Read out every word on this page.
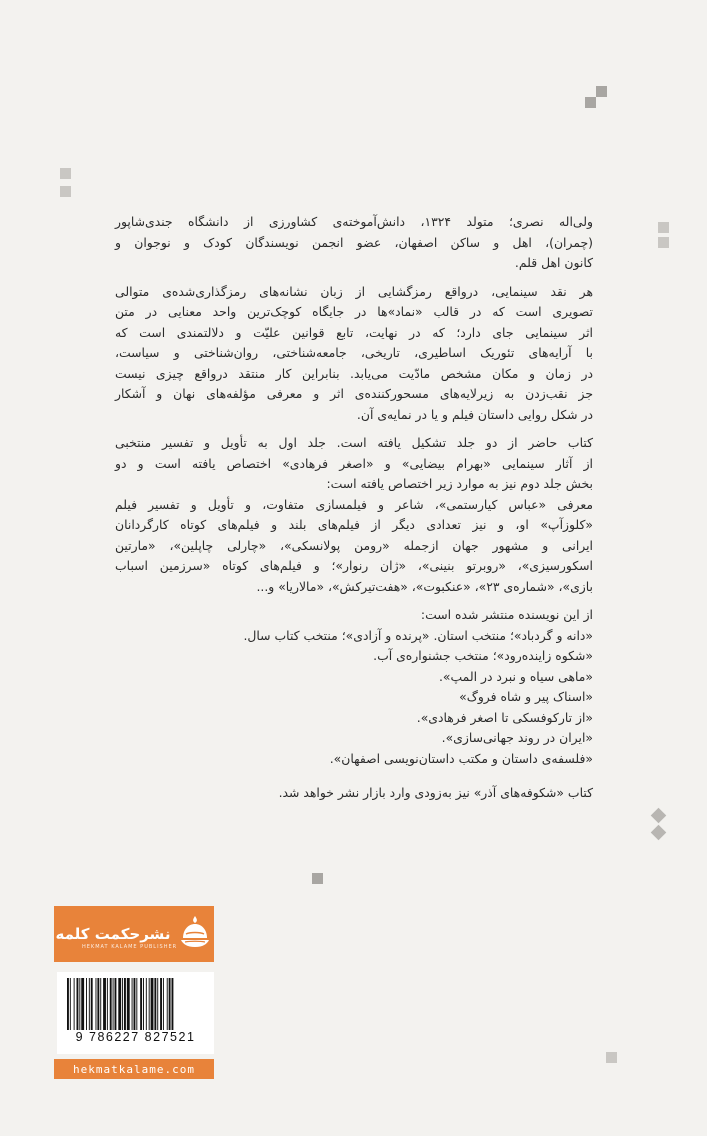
ولی‌اله نصری؛ متولد ۱۳۲۴، دانش‌آموخته‌ی کشاورزی از دانشگاه جندی‌شاپور
(چمران)، اهل و ساکن اصفهان، عضو انجمن نویسندگان کودک و نوجوان و
کانون اهل قلم.

هر نقد سینمایی، درواقع رمزگشایی از زبان نشانه‌های رمزگذاری‌شده‌ی متوالی
تصویری است که در قالب «نماد»ها در جایگاه کوچک‌ترین واحد معنایی در متن
اثر سینمایی جای دارد؛ که در نهایت، تابع قوانین علیّت و دلالتمندی است که
با آرایه‌های تئوریک اساطیری، تاریخی، جامعه‌شناختی، روان‌شناختی و سیاست،
در زمان و مکان مشخص مادّیت می‌یابد. بنابراین کار منتقد درواقع چیزی نیست
جز نقب‌زدن به زیرلایه‌های مسحورکننده‌ی اثر و معرفی مؤلفه‌های نهان و آشکار
در شکل روایی داستان فیلم و یا در نمایه‌ی آن.

کتاب حاضر از دو جلد تشکیل یافته است. جلد اول به تأویل و تفسیر منتخبی
از آثار سینمایی «بهرام بیضایی» و «اصغر فرهادی» اختصاص یافته است و دو
بخش جلد دوم نیز به موارد زیر اختصاص یافته است:
معرفی «عباس کیارستمی»، شاعر و فیلمسازی متفاوت، و تأویل و تفسیر فیلم
«کلوزآپ» او، و نیز تعدادی دیگر از فیلم‌های بلند و فیلم‌های کوتاه کارگردانان
ایرانی و مشهور جهان ازجمله «رومن پولانسکی»، «چارلی چاپلین»، «مارتین
اسکورسیزی»، «روبرتو بنینی»، «ژان رنوار»؛ و فیلم‌های کوتاه «سرزمین اسباب
بازی»، «شماره‌ی ۲۳»، «عنکبوت»، «هفت‌تیرکش»، «مالاریا» و...

از این نویسنده منتشر شده است:
«دانه و گردباد»؛ منتخب استان. «پرنده و آزادی»؛ منتخب کتاب سال.
«شکوه زاینده‌رود»؛ منتخب جشنواره‌ی آب.
«ماهی سیاه و نبرد در المپ».
«اسناک پیر و شاه فروگ»
«از تارکوفسکی تا اصغر فرهادی».
«ایران در روند جهانی‌سازی».
«فلسفه‌ی داستان و مکتب داستان‌نویسی اصفهان».

کتاب «شکوفه‌های آذر» نیز به‌زودی وارد بازار نشر خواهد شد.

نشرحکمت کلمه
HEKMAT KALAME PUBLISHER
9 786227 827521
hekmatkalame.com
